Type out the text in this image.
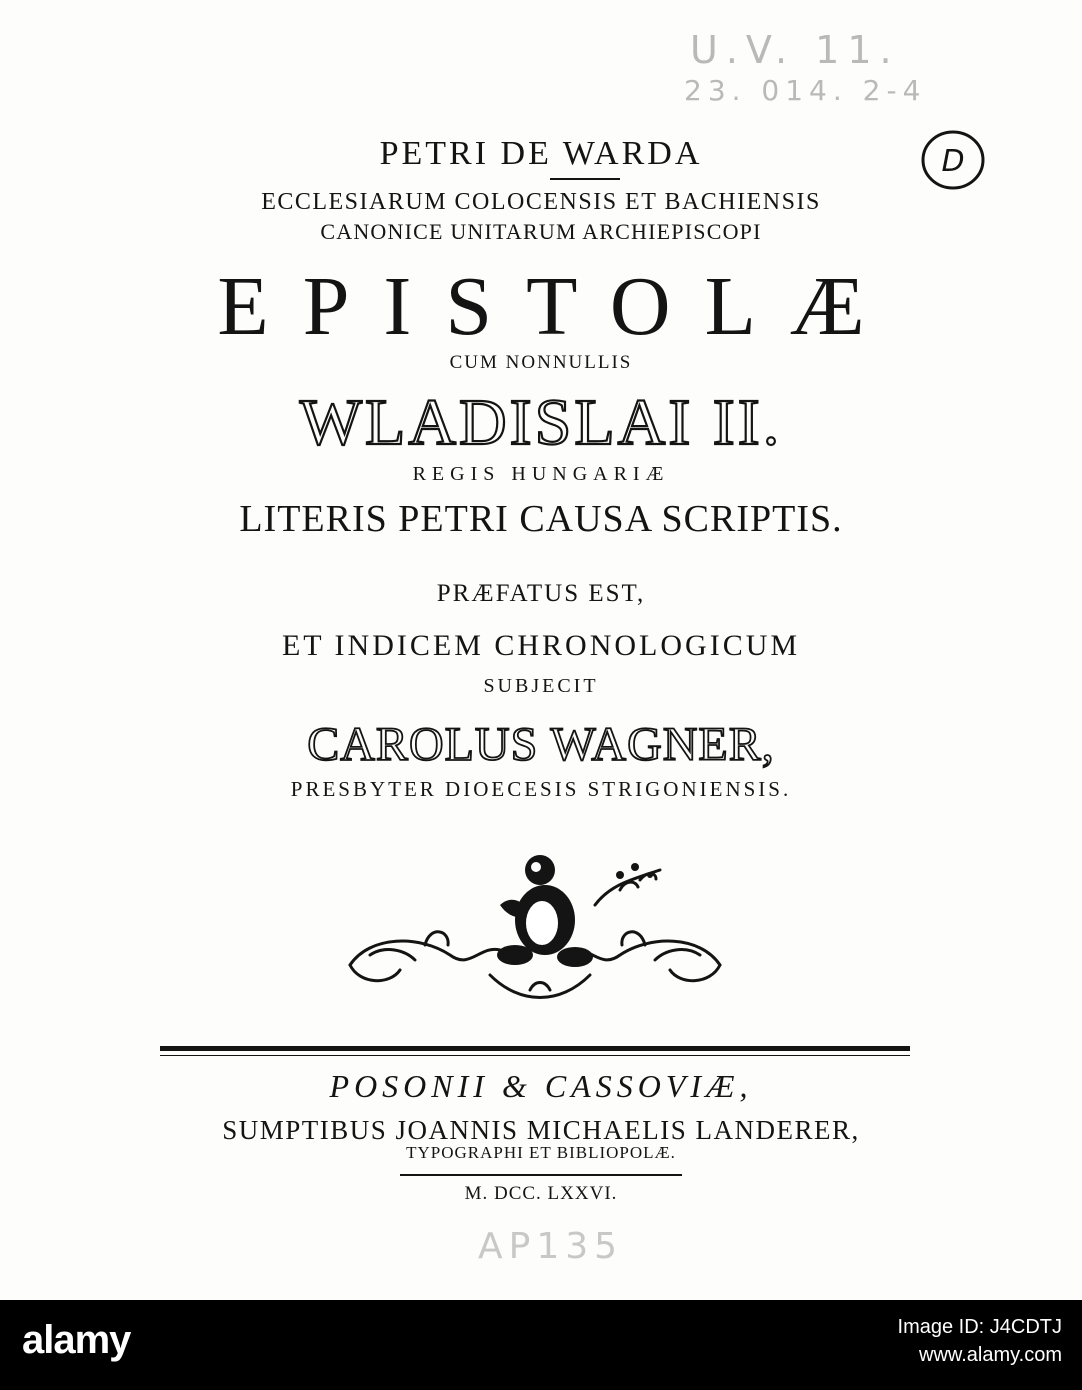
U.V. 11.
23. 014. 2-4
D
PETRI DE WARDA
ECCLESIARUM COLOCENSIS ET BACHIENSIS
CANONICE UNITARUM ARCHIEPISCOPI
EPISTOLÆ
CUM NONNULLIS
WLADISLAI II.
REGIS HUNGARIÆ
LITERIS PETRI CAUSA SCRIPTIS.
PRÆFATUS EST,
ET INDICEM CHRONOLOGICUM
SUBJECIT
CAROLUS WAGNER,
PRESBYTER DIOECESIS STRIGONIENSIS.
POSONII & CASSOVIÆ,
SUMPTIBUS JOANNIS MICHAELIS LANDERER,
TYPOGRAPHI ET BIBLIOPOLÆ.
M. DCC. LXXVI.
AP135
alamy	Image ID: J4CDTJ
www.alamy.com
